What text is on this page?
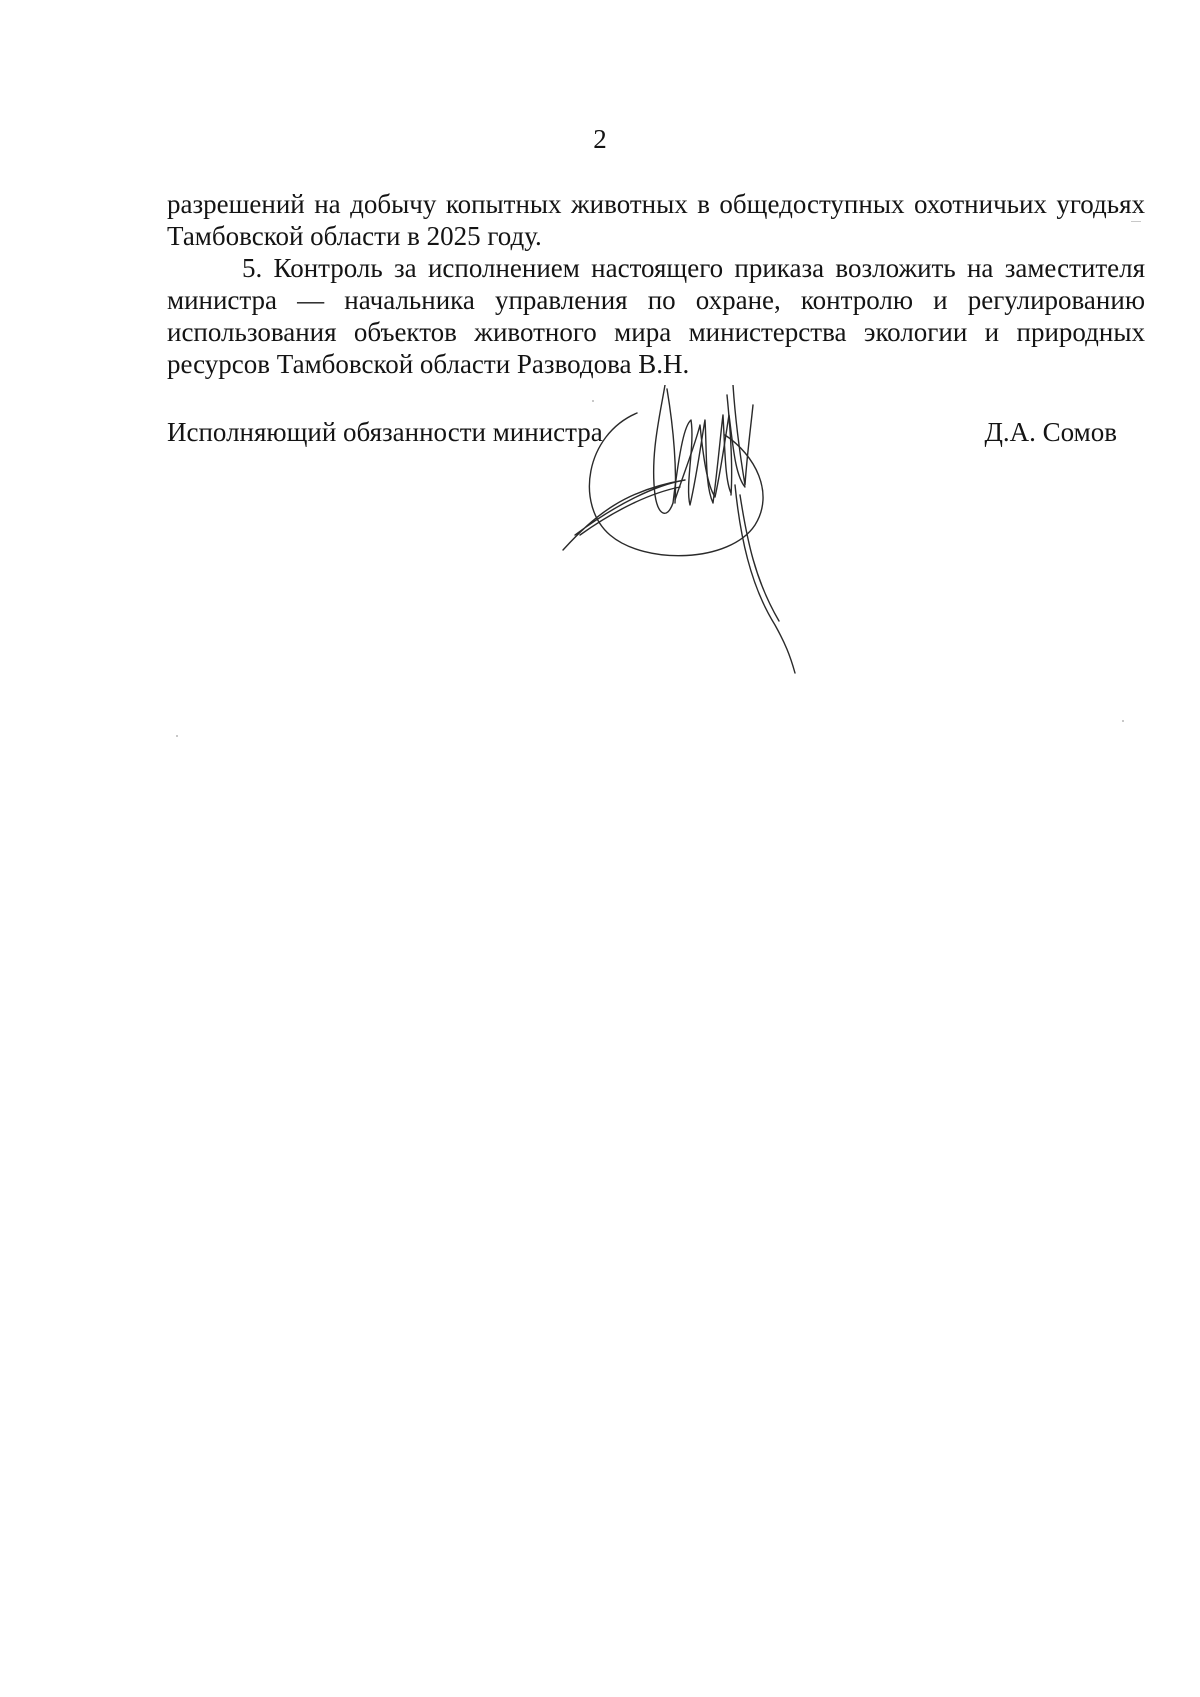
2

разрешений на добычу копытных животных в общедоступных охотничьих угодьях Тамбовской области в 2025 году.

5. Контроль за исполнением настоящего приказа возложить на заместителя министра — начальника управления по охране, контролю и регулированию использования объектов животного мира министерства экологии и природных ресурсов Тамбовской области Разводова В.Н.

Исполняющий обязанности министра	Д.А. Сомов
